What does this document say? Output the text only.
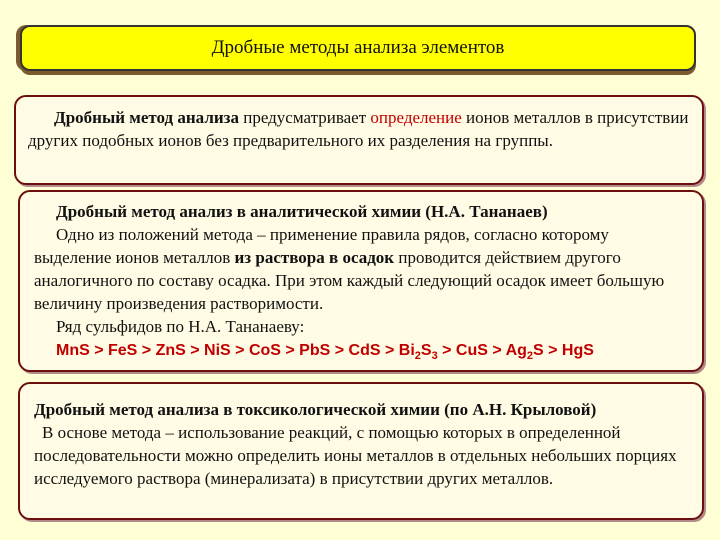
Дробные методы анализа элементов

Дробный метод анализа предусматривает определение ионов металлов в присутствии других подобных ионов без предварительного их разделения на группы.

Дробный метод анализ в аналитической химии (Н.А. Тананаев)

Одно из положений метода – применение правила рядов, согласно которому выделение ионов металлов из раствора в осадок проводится действием другого аналогичного по составу осадка. При этом каждый следующий осадок имеет большую величину произведения растворимости.

Ряд сульфидов по Н.А. Тананаеву:

MnS > FeS > ZnS > NiS > CoS > PbS > CdS > $Bi_2S_3$ > CuS > $Ag_2S$ > HgS

Дробный метод анализа в токсикологической химии (по А.Н. Крыловой)

В основе метода – использование реакций, с помощью которых в определенной последовательности можно определить ионы металлов в отдельных небольших порциях исследуемого раствора (минерализата) в присутствии других металлов.
